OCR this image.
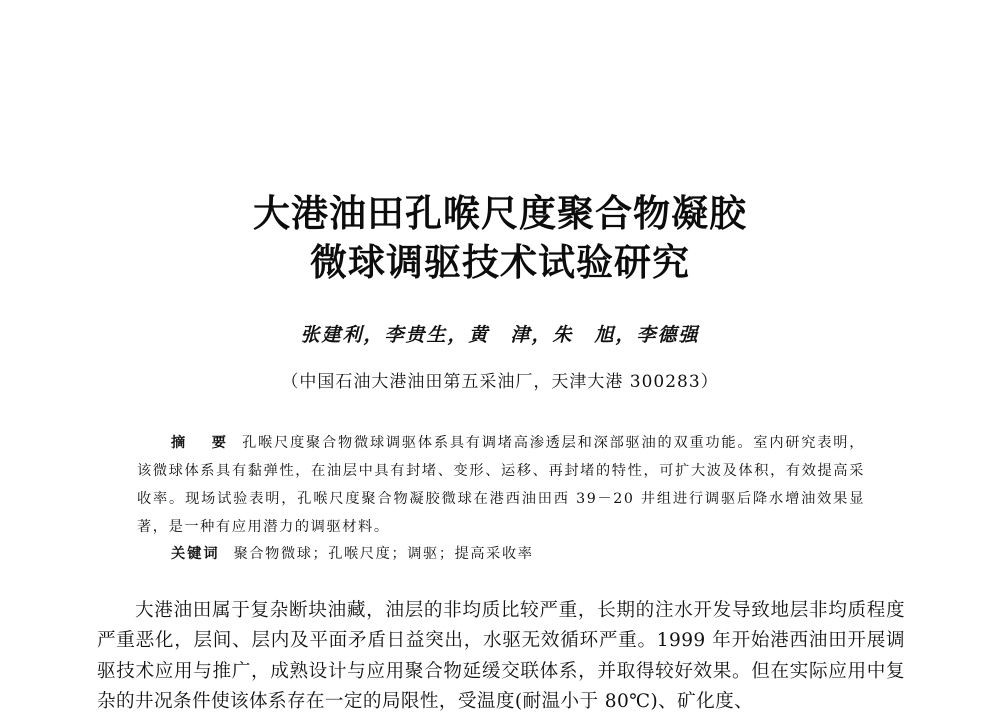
大港油田孔喉尺度聚合物凝胶
微球调驱技术试验研究
张建利，李贵生，黄　津，朱　旭，李德强
（中国石油大港油田第五采油厂，天津大港 300283）
摘　要 孔喉尺度聚合物微球调驱体系具有调堵高渗透层和深部驱油的双重功能。室内研究表明，该微球体系具有黏弹性，在油层中具有封堵、变形、运移、再封堵的特性，可扩大波及体积，有效提高采收率。现场试验表明，孔喉尺度聚合物凝胶微球在港西油田西 39－20 井组进行调驱后降水增油效果显著，是一种有应用潜力的调驱材料。
关键词 聚合物微球；孔喉尺度；调驱；提高采收率
大港油田属于复杂断块油藏，油层的非均质比较严重，长期的注水开发导致地层非均质程度严重恶化，层间、层内及平面矛盾日益突出，水驱无效循环严重。1999 年开始港西油田开展调驱技术应用与推广，成熟设计与应用聚合物延缓交联体系，并取得较好效果。但在实际应用中复杂的井况条件使该体系存在一定的局限性，受温度(耐温小于 80℃)、矿化度、
